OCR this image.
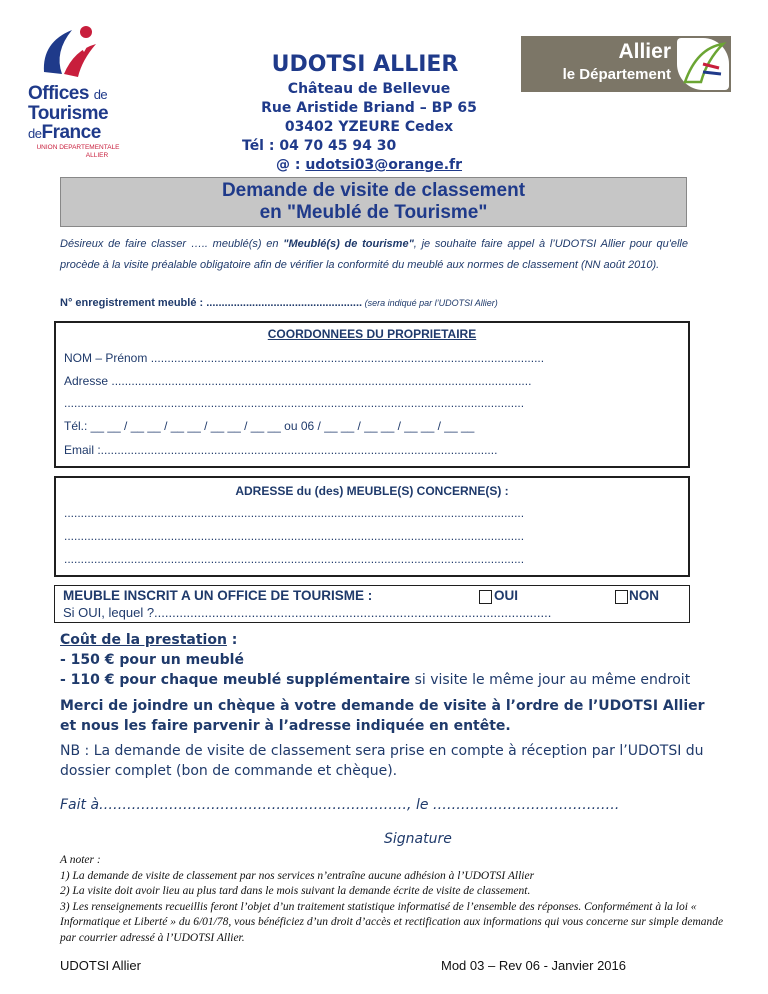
Offices de
Tourisme
deFrance
UNION DEPARTEMENTALE
ALLIER
UDOTSI ALLIER
Château de Bellevue
Rue Aristide Briand – BP 65
03402 YZEURE Cedex
Tél : 04 70 45 94 30
@ : udotsi03@orange.fr
Allier
le Département
Demande de visite de classement
en "Meublé de Tourisme"
Désireux de faire classer ….. meublé(s) en "Meublé(s) de tourisme", je souhaite faire appel à l’UDOTSI Allier pour qu'elle procède à la visite préalable obligatoire afin de vérifier la conformité du meublé aux normes de classement (NN août 2010).
N° enregistrement meublé : ................................................... (sera indiqué par l’UDOTSI Allier)
COORDONNEES DU PROPRIETAIRE
NOM – Prénom ......................................................................................................................
Adresse ..............................................................................................................................
..........................................................................................................................................
Tél.: __ __ / __ __ / __ __ / __ __ / __ __ ou 06 / __ __ / __ __ / __ __ / __ __
Email :.......................................................................................................................
ADRESSE du (des) MEUBLE(S) CONCERNE(S) :
..........................................................................................................................................
..........................................................................................................................................
..........................................................................................................................................
MEUBLE INSCRIT A UN OFFICE DE TOURISME :	OUI	NON
Si OUI, lequel ?..............................................................................................................
Coût de la prestation :
- 150 € pour un meublé
- 110 € pour chaque meublé supplémentaire si visite le même jour au même endroit
Merci de joindre un chèque à votre demande de visite à l’ordre de l’UDOTSI Allier et nous les faire parvenir à l’adresse indiquée en entête.
NB : La demande de visite de classement sera prise en compte à réception par l’UDOTSI du dossier complet (bon de commande et chèque).
Fait à…………………………………………………………, le ………………………………….
Signature
A noter :
1) La demande de visite de classement par nos services n’entraîne aucune adhésion à l’UDOTSI Allier
2) La visite doit avoir lieu au plus tard dans le mois suivant la demande écrite de visite de classement.
3) Les renseignements recueillis feront l’objet d’un traitement statistique informatisé de l’ensemble des réponses. Conformément à la loi « Informatique et Liberté » du 6/01/78, vous bénéficiez d’un droit d’accès et rectification aux informations qui vous concerne sur simple demande par courrier adressé à l’UDOTSI Allier.
UDOTSI Allier	Mod 03 – Rev 06 - Janvier 2016
